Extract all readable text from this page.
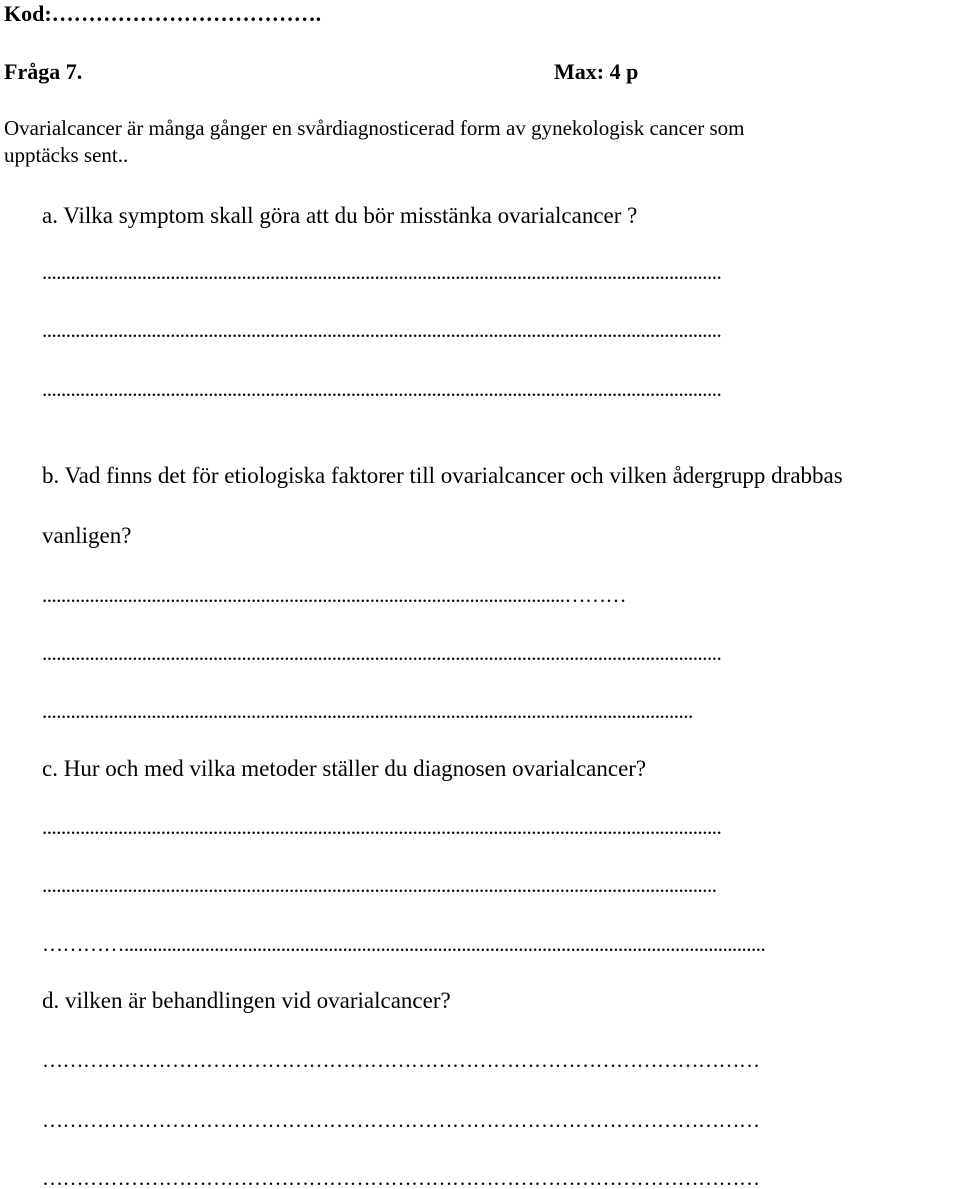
Kod:……………………………….
Fråga 7.	Max: 4 p
Ovarialcancer är många gånger en svårdiagnosticerad form av gynekologisk cancer som
upptäcks sent..
a. Vilka symptom skall göra att du bör misstänka ovarialcancer ?
...............................................................................................................................................
...............................................................................................................................................
...............................................................................................................................................
b. Vad finns det för etiologiska faktorer till ovarialcancer och vilken ådergrupp drabbas
vanligen?
..............................................................................................................………
...............................................................................................................................................
.........................................................................................................................................
c. Hur och med vilka metoder ställer du diagnosen ovarialcancer?
...............................................................................................................................................
..............................................................................................................................................
………….......................................................................................................................................
d. vilken är behandlingen vid ovarialcancer?
……………………………………………………………………………………………
……………………………………………………………………………………………
……………………………………………………………………………………………
